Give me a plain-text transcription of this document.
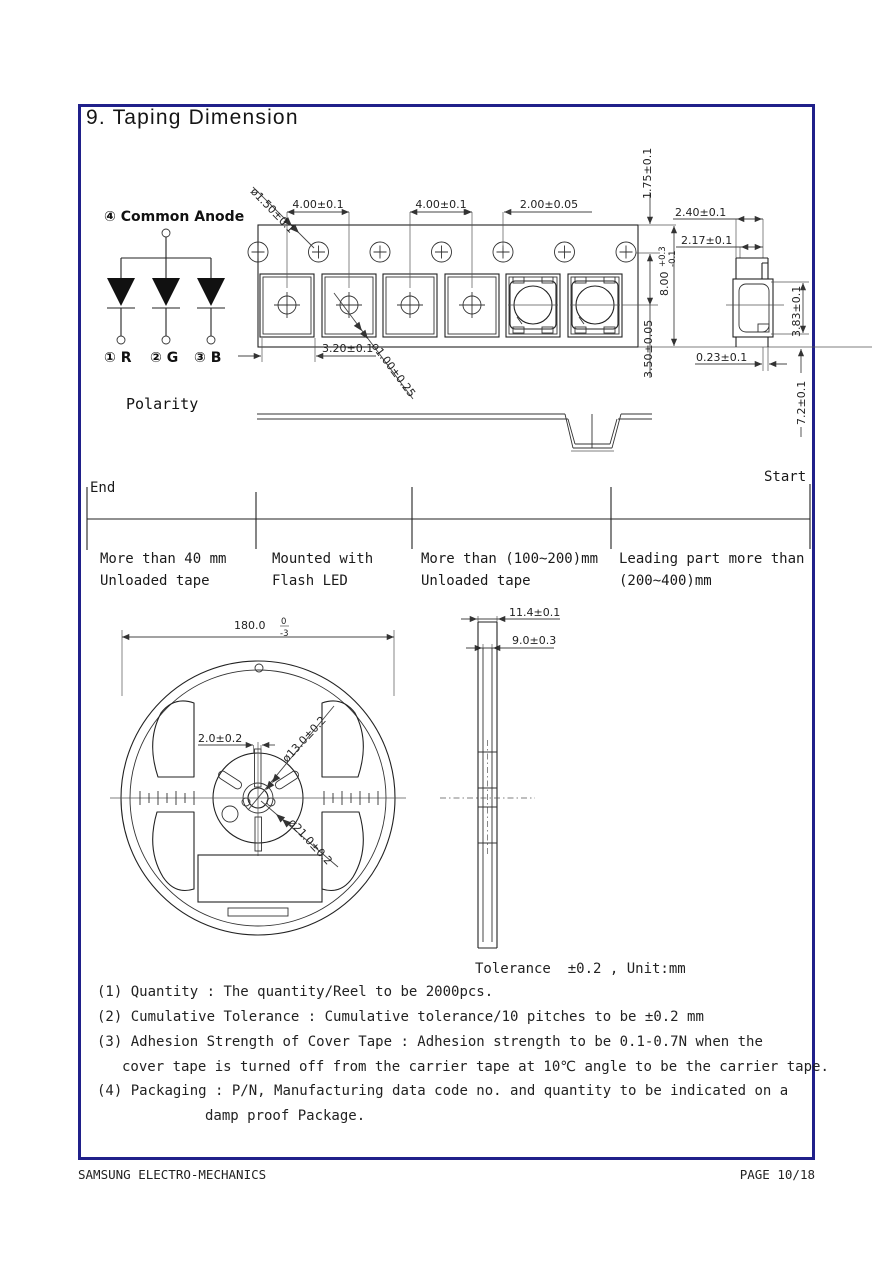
9. Taping Dimension
④ Common Anode
① R ② G ③ B
Polarity
4.00±0.1	4.00±0.1	2.00±0.05
ø1.50±0.1
ø1.00±0.25
3.20±0.1
1.75±0.1
3.50±0.05
8.00
+0.3 -0.1
2.40±0.1
2.17±0.1
3.83±0.1
0.23±0.1
7.2±0.1
End
Start
More than 40 mm
Unloaded tape
Mounted with
Flash LED
More than (100~200)mm
Unloaded tape
Leading part more than
(200~400)mm
180.0 0
-3
2.0±0.2	ø13.0±0.2
ø21.0±0.2
11.4±0.1
9.0±0.3
Tolerance  ±0.2 , Unit:mm
(1) Quantity : The quantity/Reel to be 2000pcs.
(2) Cumulative Tolerance : Cumulative tolerance/10 pitches to be ±0.2 mm
(3) Adhesion Strength of Cover Tape : Adhesion strength to be 0.1-0.7N when the
cover tape is turned off from the carrier tape at 10℃ angle to be the carrier tape.
(4) Packaging : P/N, Manufacturing data code no. and quantity to be indicated on a
damp proof Package.
SAMSUNG ELECTRO-MECHANICS	PAGE 10/18
